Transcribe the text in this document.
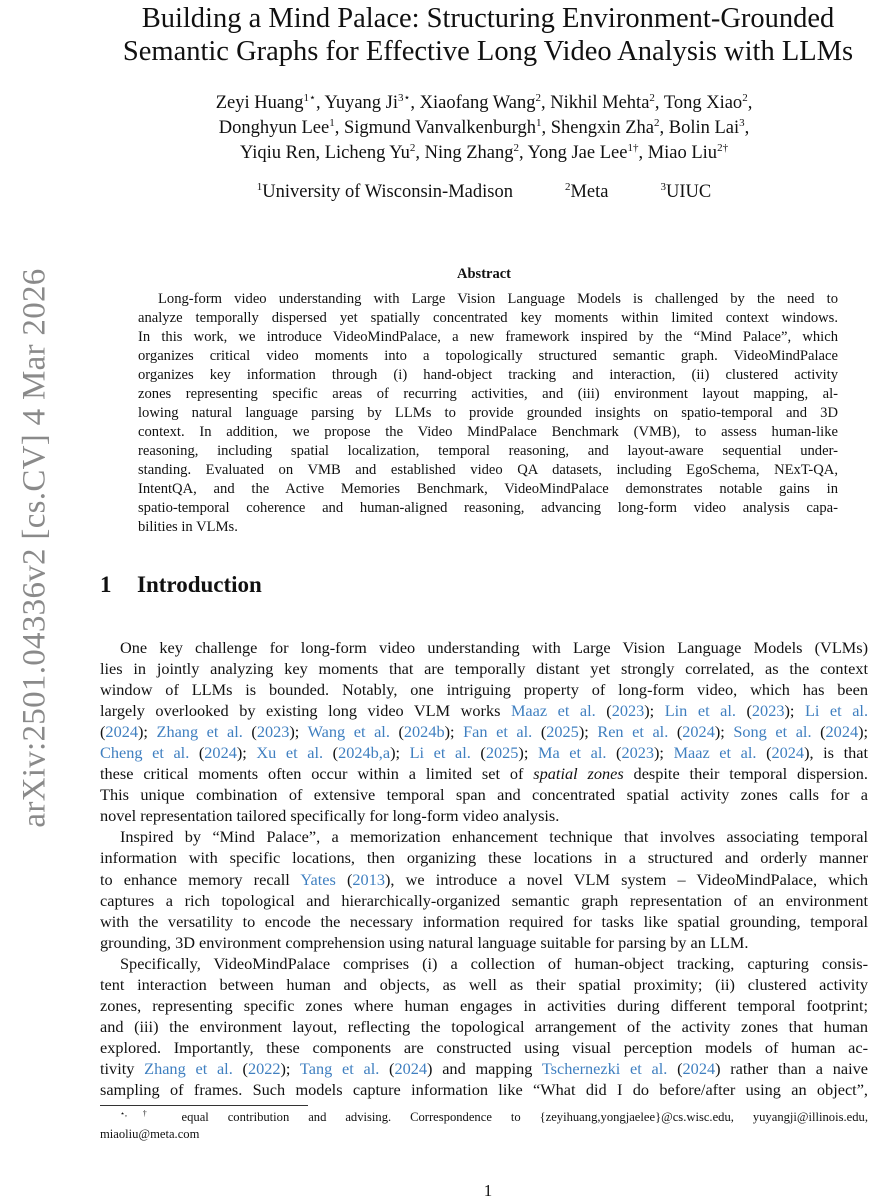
arXiv:2501.04336v2 [cs.CV] 4 Mar 2026
Building a Mind Palace: Structuring Environment-Grounded
Semantic Graphs for Effective Long Video Analysis with LLMs
Zeyi Huang$^{1⋆}$, Yuyang $Ji^{3⋆}$, Xiaofang Wang$^2$, Nikhil Mehta$^2$, Tong Xiao$^2$,
Donghyun Lee$^1$, Sigmund Vanvalkenburgh$^1$, Shengxin Zha$^2$, Bolin Lai$^3$,
Yiqiu Ren, Licheng Yu$^2$, Ning Zhang$^2$, Yong Jae Lee$^{1\dagger}$, Miao Liu$^{2\dagger}$
$^1$University of Wisconsin-Madison	$^2$Meta	$^3$UIUC
Abstract
Long-form video understanding with Large Vision Language Models is challenged by the need to
analyze temporally dispersed yet spatially concentrated key moments within limited context windows.
In this work, we introduce VideoMindPalace, a new framework inspired by the “Mind Palace”, which
organizes critical video moments into a topologically structured semantic graph. VideoMindPalace
organizes key information through (i) hand-object tracking and interaction, (ii) clustered activity
zones representing specific areas of recurring activities, and (iii) environment layout mapping, al-
lowing natural language parsing by LLMs to provide grounded insights on spatio-temporal and 3D
context. In addition, we propose the Video MindPalace Benchmark (VMB), to assess human-like
reasoning, including spatial localization, temporal reasoning, and layout-aware sequential under-
standing. Evaluated on VMB and established video QA datasets, including EgoSchema, NExT-QA,
IntentQA, and the Active Memories Benchmark, VideoMindPalace demonstrates notable gains in
spatio-temporal coherence and human-aligned reasoning, advancing long-form video analysis capa-
bilities in VLMs.
1 Introduction
One key challenge for long-form video understanding with Large Vision Language Models (VLMs)
lies in jointly analyzing key moments that are temporally distant yet strongly correlated, as the context
window of LLMs is bounded. Notably, one intriguing property of long-form video, which has been
largely overlooked by existing long video VLM works Maaz et al. (2023); Lin et al. (2023); Li et al.
(2024); Zhang et al. (2023); Wang et al. (2024b); Fan et al. (2025); Ren et al. (2024); Song et al. (2024);
Cheng et al. (2024); Xu et al. (2024b,a); Li et al. (2025); Ma et al. (2023); Maaz et al. (2024), is that
these critical moments often occur within a limited set of spatial zones despite their temporal dispersion.
This unique combination of extensive temporal span and concentrated spatial activity zones calls for a
novel representation tailored specifically for long-form video analysis.
Inspired by “Mind Palace”, a memorization enhancement technique that involves associating temporal
information with specific locations, then organizing these locations in a structured and orderly manner
to enhance memory recall Yates (2013), we introduce a novel VLM system – VideoMindPalace, which
captures a rich topological and hierarchically-organized semantic graph representation of an environment
with the versatility to encode the necessary information required for tasks like spatial grounding, temporal
grounding, 3D environment comprehension using natural language suitable for parsing by an LLM.
Specifically, VideoMindPalace comprises (i) a collection of human-object tracking, capturing consis-
tent interaction between human and objects, as well as their spatial proximity; (ii) clustered activity
zones, representing specific zones where human engages in activities during different temporal footprint;
and (iii) the environment layout, reflecting the topological arrangement of the activity zones that human
explored. Importantly, these components are constructed using visual perception models of human ac-
tivity Zhang et al. (2022); Tang et al. (2024) and mapping Tschernezki et al. (2024) rather than a naive
sampling of frames. Such models capture information like “What did I do before/after using an object”,
⋆,† equal contribution and advising. Correspondence to {zeyihuang,yongjaelee}@cs.wisc.edu, yuyangji@illinois.edu,
miaoliu@meta.com
1
